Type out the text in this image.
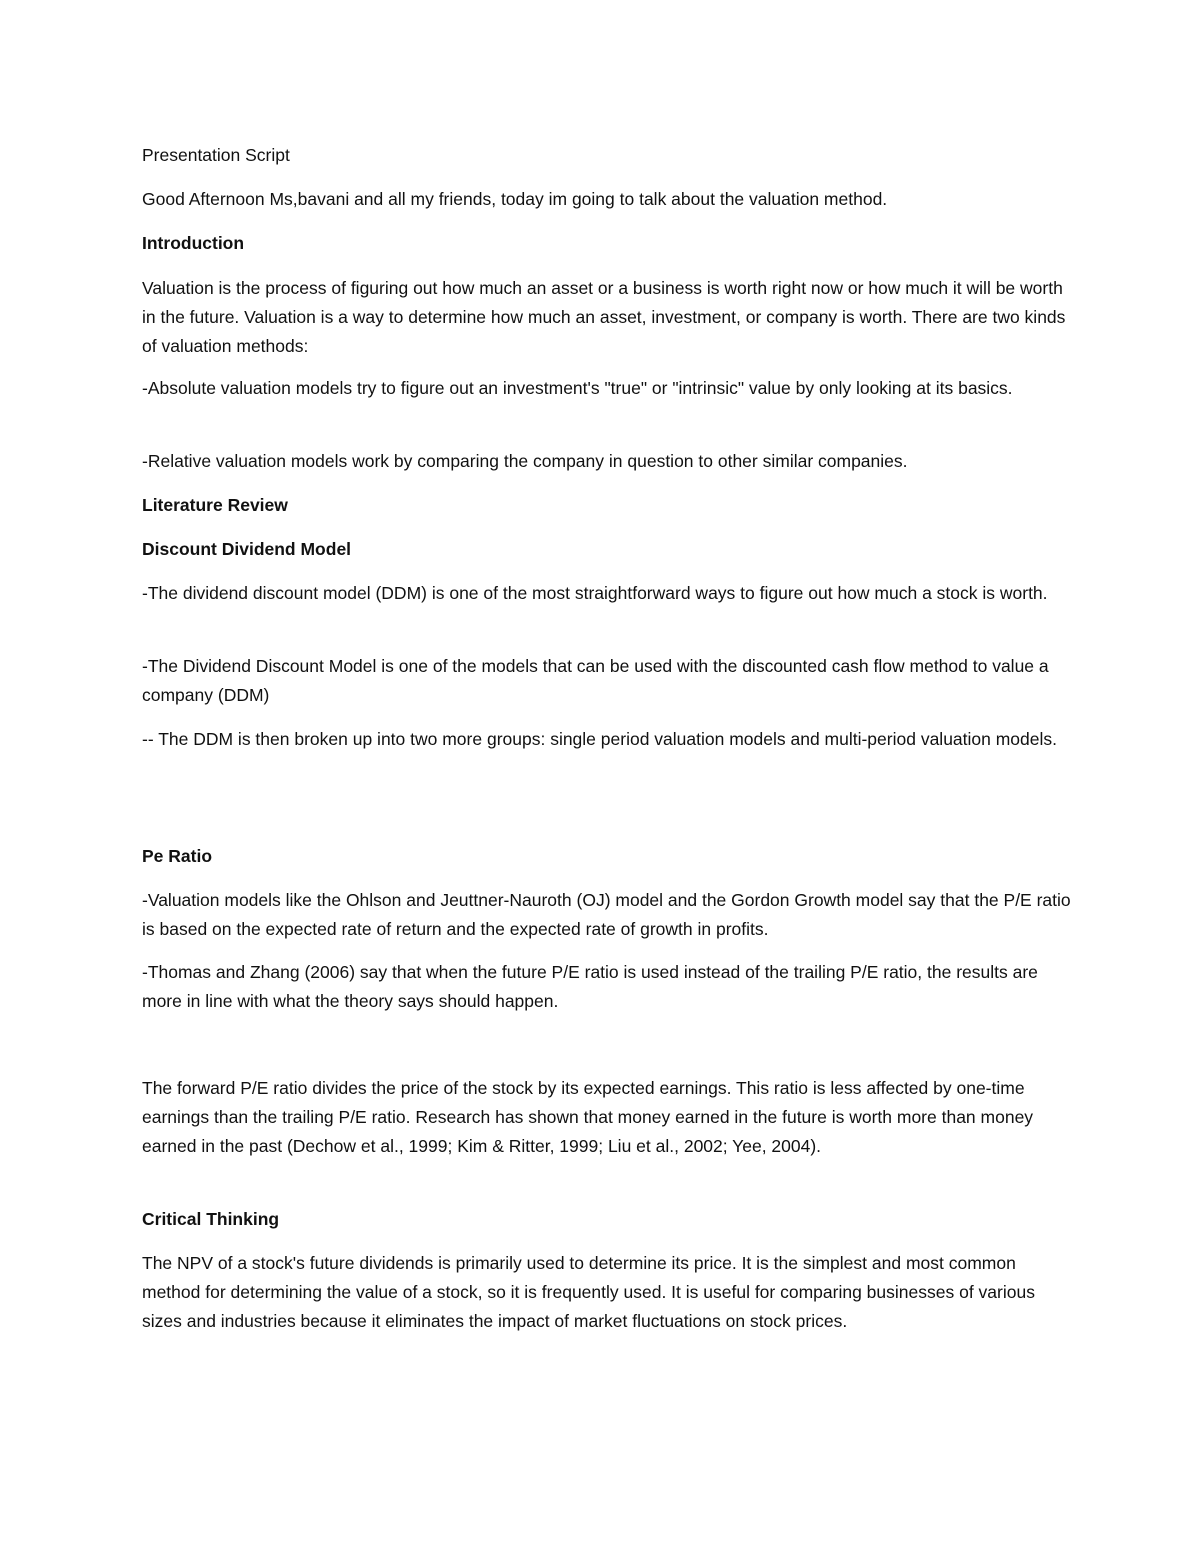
Presentation Script

Good Afternoon Ms,bavani and all my friends, today im going to talk about the valuation method.

Introduction

Valuation is the process of figuring out how much an asset or a business is worth right now or how much it will be worth in the future. Valuation is a way to determine how much an asset, investment, or company is worth. There are two kinds of valuation methods:

-Absolute valuation models try to figure out an investment's "true" or "intrinsic" value by only looking at its basics.

-Relative valuation models work by comparing the company in question to other similar companies.

Literature Review

Discount Dividend Model

-The dividend discount model (DDM) is one of the most straightforward ways to figure out how much a stock is worth.

-The Dividend Discount Model is one of the models that can be used with the discounted cash flow method to value a company (DDM)

-- The DDM is then broken up into two more groups: single period valuation models and multi-period valuation models.

Pe Ratio

-Valuation models like the Ohlson and Jeuttner-Nauroth (OJ) model and the Gordon Growth model say that the P/E ratio is based on the expected rate of return and the expected rate of growth in profits.

-Thomas and Zhang (2006) say that when the future P/E ratio is used instead of the trailing P/E ratio, the results are more in line with what the theory says should happen.

The forward P/E ratio divides the price of the stock by its expected earnings. This ratio is less affected by one-time earnings than the trailing P/E ratio. Research has shown that money earned in the future is worth more than money earned in the past (Dechow et al., 1999; Kim & Ritter, 1999; Liu et al., 2002; Yee, 2004).

Critical Thinking

The NPV of a stock's future dividends is primarily used to determine its price. It is the simplest and most common method for determining the value of a stock, so it is frequently used. It is useful for comparing businesses of various sizes and industries because it eliminates the impact of market fluctuations on stock prices.
